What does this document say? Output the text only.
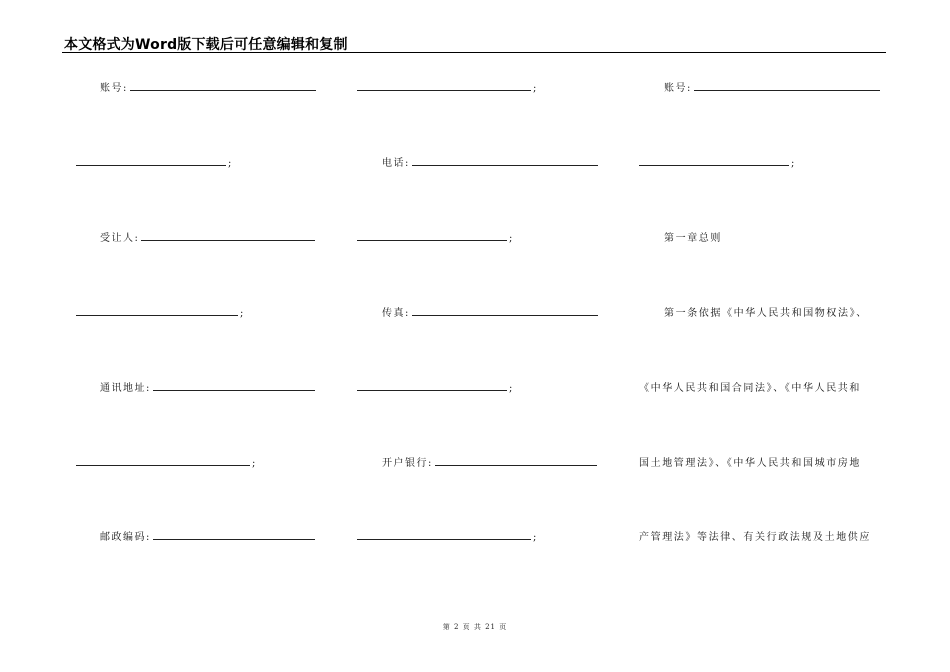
本文格式为Word版下载后可任意编辑和复制
账号:
;
受让人:
;
通讯地址:
;
邮政编码:
;
电话:
;
传真:
;
开户银行:
;
账号:
;
第一章总则
第一条依据《中华人民共和国物权法》、
《中华人民共和国合同法》、《中华人民共和
国土地管理法》、《中华人民共和国城市房地
产管理法》等法律、有关行政法规及土地供应
第 2 页 共 21 页
